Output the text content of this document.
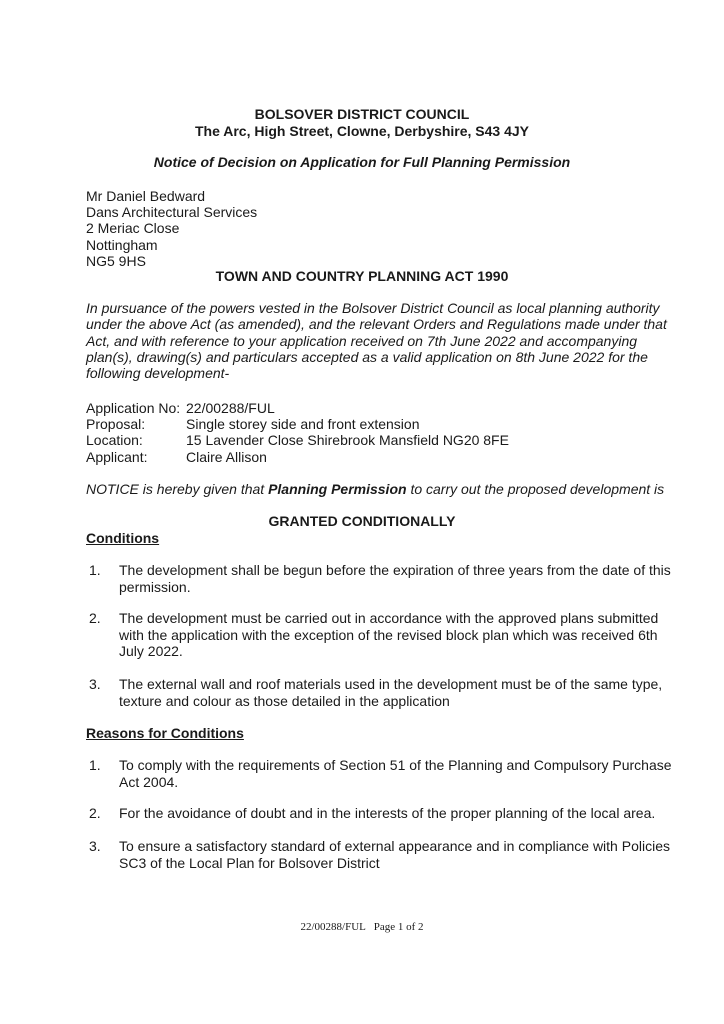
BOLSOVER DISTRICT COUNCIL
The Arc, High Street, Clowne, Derbyshire, S43 4JY
Notice of Decision on Application for Full Planning Permission
Mr Daniel Bedward
Dans Architectural Services
2 Meriac Close
Nottingham
NG5 9HS
TOWN AND COUNTRY PLANNING ACT 1990
In pursuance of the powers vested in the Bolsover District Council as local planning authority under the above Act (as amended), and the relevant Orders and Regulations made under that Act, and with reference to your application received on 7th June 2022 and accompanying plan(s), drawing(s) and particulars accepted as a valid application on 8th June 2022 for the following development-
Application No: 22/00288/FUL
Proposal:	Single storey side and front extension
Location:	15 Lavender Close Shirebrook Mansfield NG20 8FE
Applicant:	Claire Allison
NOTICE is hereby given that Planning Permission to carry out the proposed development is
GRANTED CONDITIONALLY
Conditions
1. The development shall be begun before the expiration of three years from the date of this permission.
2. The development must be carried out in accordance with the approved plans submitted with the application with the exception of the revised block plan which was received 6th July 2022.
3. The external wall and roof materials used in the development must be of the same type, texture and colour as those detailed in the application
Reasons for Conditions
1. To comply with the requirements of Section 51 of the Planning and Compulsory Purchase Act 2004.
2. For the avoidance of doubt and in the interests of the proper planning of the local area.
3. To ensure a satisfactory standard of external appearance and in compliance with Policies SC3 of the Local Plan for Bolsover District
22/00288/FUL   Page 1 of 2
